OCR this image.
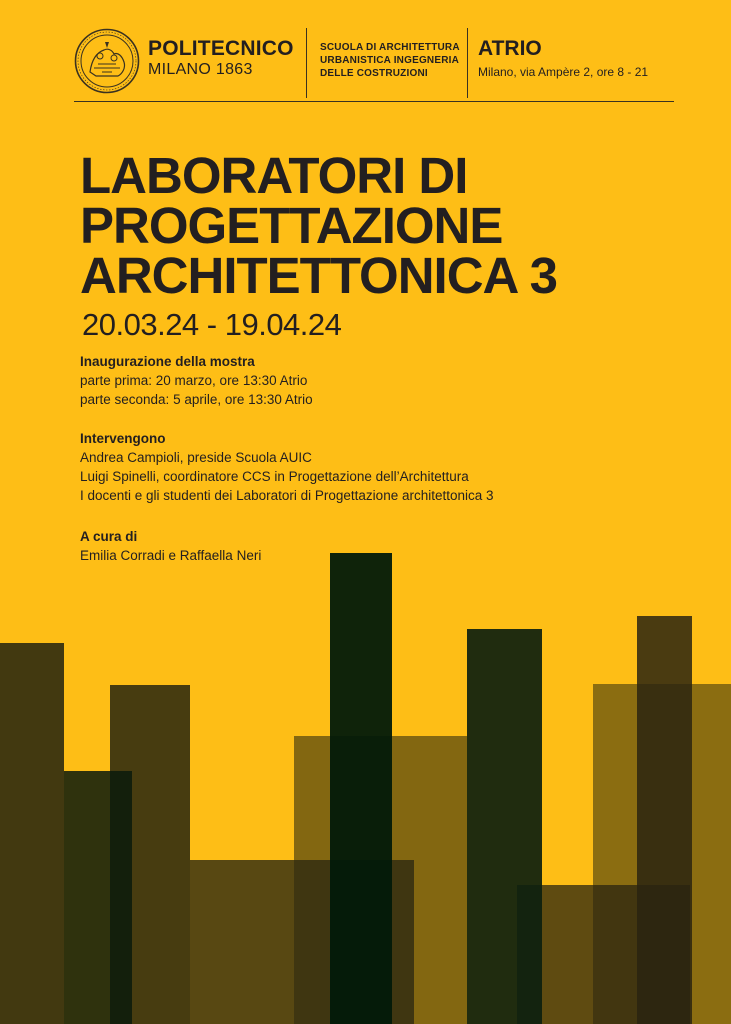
POLITECNICO
MILANO 1863
SCUOLA DI ARCHITETTURA
URBANISTICA INGEGNERIA
DELLE COSTRUZIONI
ATRIO
Milano, via Ampère 2, ore 8 - 21
LABORATORI DI
PROGETTAZIONE
ARCHITETTONICA 3
20.03.24 - 19.04.24
Inaugurazione della mostra
parte prima: 20 marzo, ore 13:30 Atrio
parte seconda: 5 aprile, ore 13:30 Atrio
Intervengono
Andrea Campioli, preside Scuola AUIC
Luigi Spinelli, coordinatore CCS in Progettazione dell’Architettura
I docenti e gli studenti dei Laboratori di Progettazione architettonica 3
A cura di
Emilia Corradi e Raffaella Neri
